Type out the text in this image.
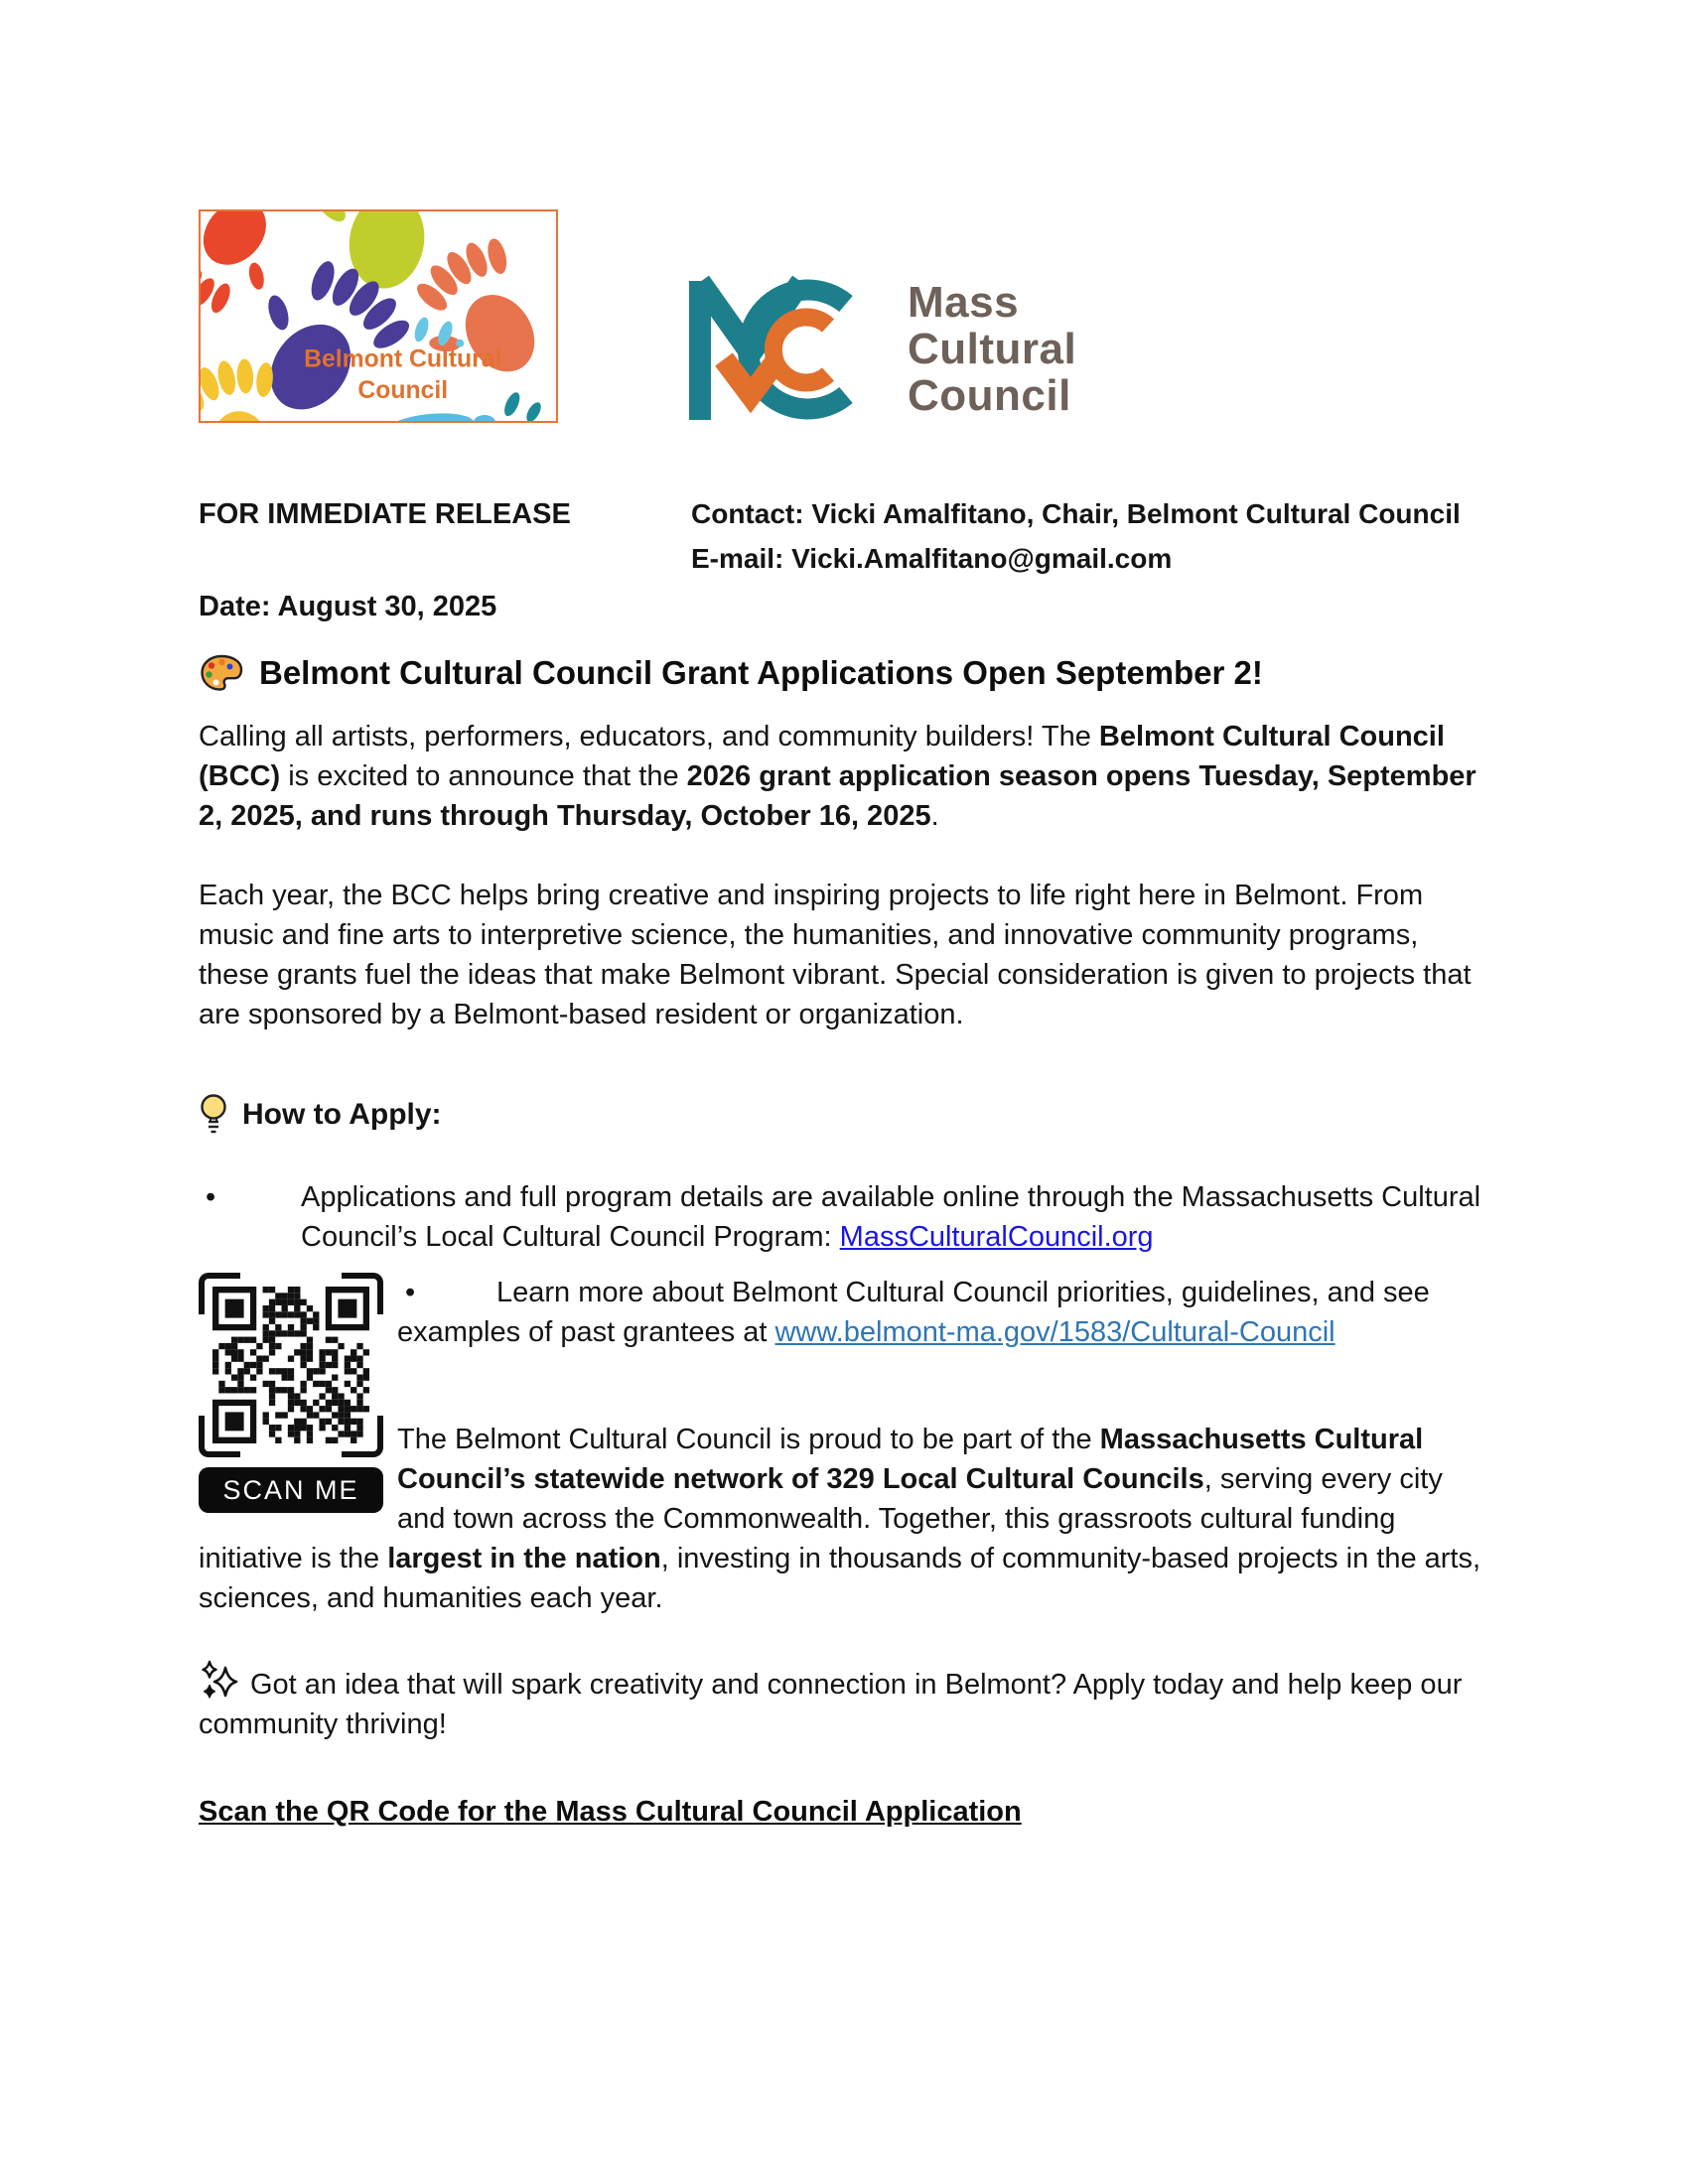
Belmont Cultural
Council
Mass
Cultural
Council

FOR IMMEDIATE RELEASE

Date: August 30, 2025

Contact: Vicki Amalfitano, Chair, Belmont Cultural Council

E-mail: Vicki.Amalfitano@gmail.com

Belmont Cultural Council Grant Applications Open September 2!

Calling all artists, performers, educators, and community builders! The Belmont Cultural Council (BCC) is excited to announce that the 2026 grant application season opens Tuesday, September 2, 2025, and runs through Thursday, October 16, 2025.

Each year, the BCC helps bring creative and inspiring projects to life right here in Belmont. From music and fine arts to interpretive science, the humanities, and innovative community programs, these grants fuel the ideas that make Belmont vibrant. Special consideration is given to projects that are sponsored by a Belmont-based resident or organization.

How to Apply:

• Applications and full program details are available online through the Massachusetts Cultural Council’s Local Cultural Council Program: MassCulturalCouncil.org

SCAN ME

• Learn more about Belmont Cultural Council priorities, guidelines, and see examples of past grantees at www.belmont-ma.gov/1583/Cultural-Council

The Belmont Cultural Council is proud to be part of the Massachusetts Cultural Council’s statewide network of 329 Local Cultural Councils, serving every city and town across the Commonwealth. Together, this grassroots cultural funding initiative is the largest in the nation, investing in thousands of community-based projects in the arts, sciences, and humanities each year.

Got an idea that will spark creativity and connection in Belmont? Apply today and help keep our community thriving!

Scan the QR Code for the Mass Cultural Council Application
